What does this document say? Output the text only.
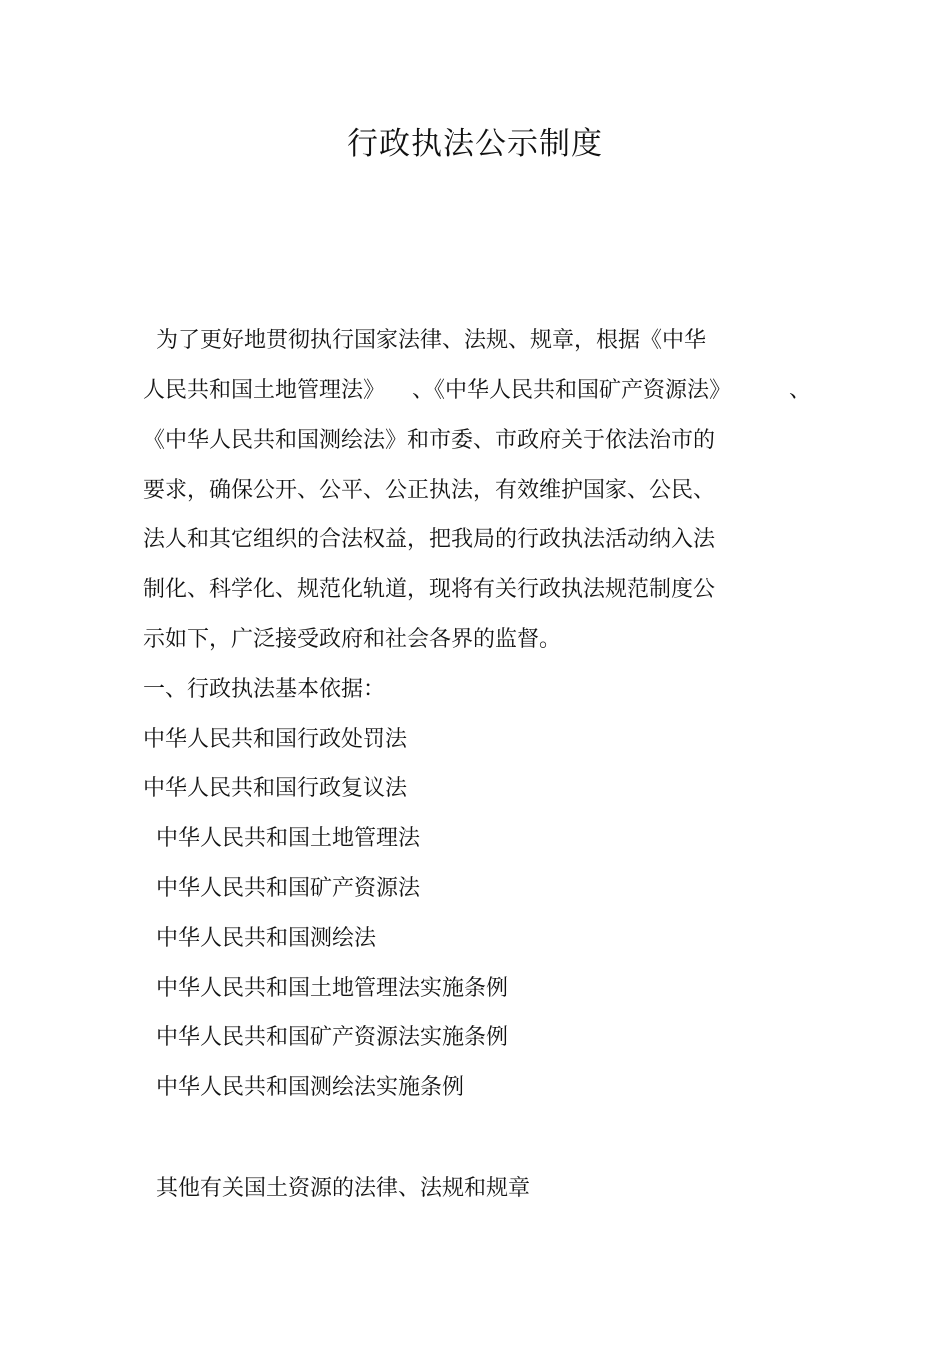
行政执法公示制度
为了更好地贯彻执行国家法律、法规、规章，根据《中华
人民共和国土地管理法》 、《中华人民共和国矿产资源法》	、
《中华人民共和国测绘法》和市委、市政府关于依法治市的
要求，确保公开、公平、公正执法，有效维护国家、公民、
法人和其它组织的合法权益，把我局的行政执法活动纳入法
制化、科学化、规范化轨道，现将有关行政执法规范制度公
示如下，广泛接受政府和社会各界的监督。
一、行政执法基本依据：
中华人民共和国行政处罚法
中华人民共和国行政复议法
中华人民共和国土地管理法
中华人民共和国矿产资源法
中华人民共和国测绘法
中华人民共和国土地管理法实施条例
中华人民共和国矿产资源法实施条例
中华人民共和国测绘法实施条例
其他有关国土资源的法律、法规和规章
